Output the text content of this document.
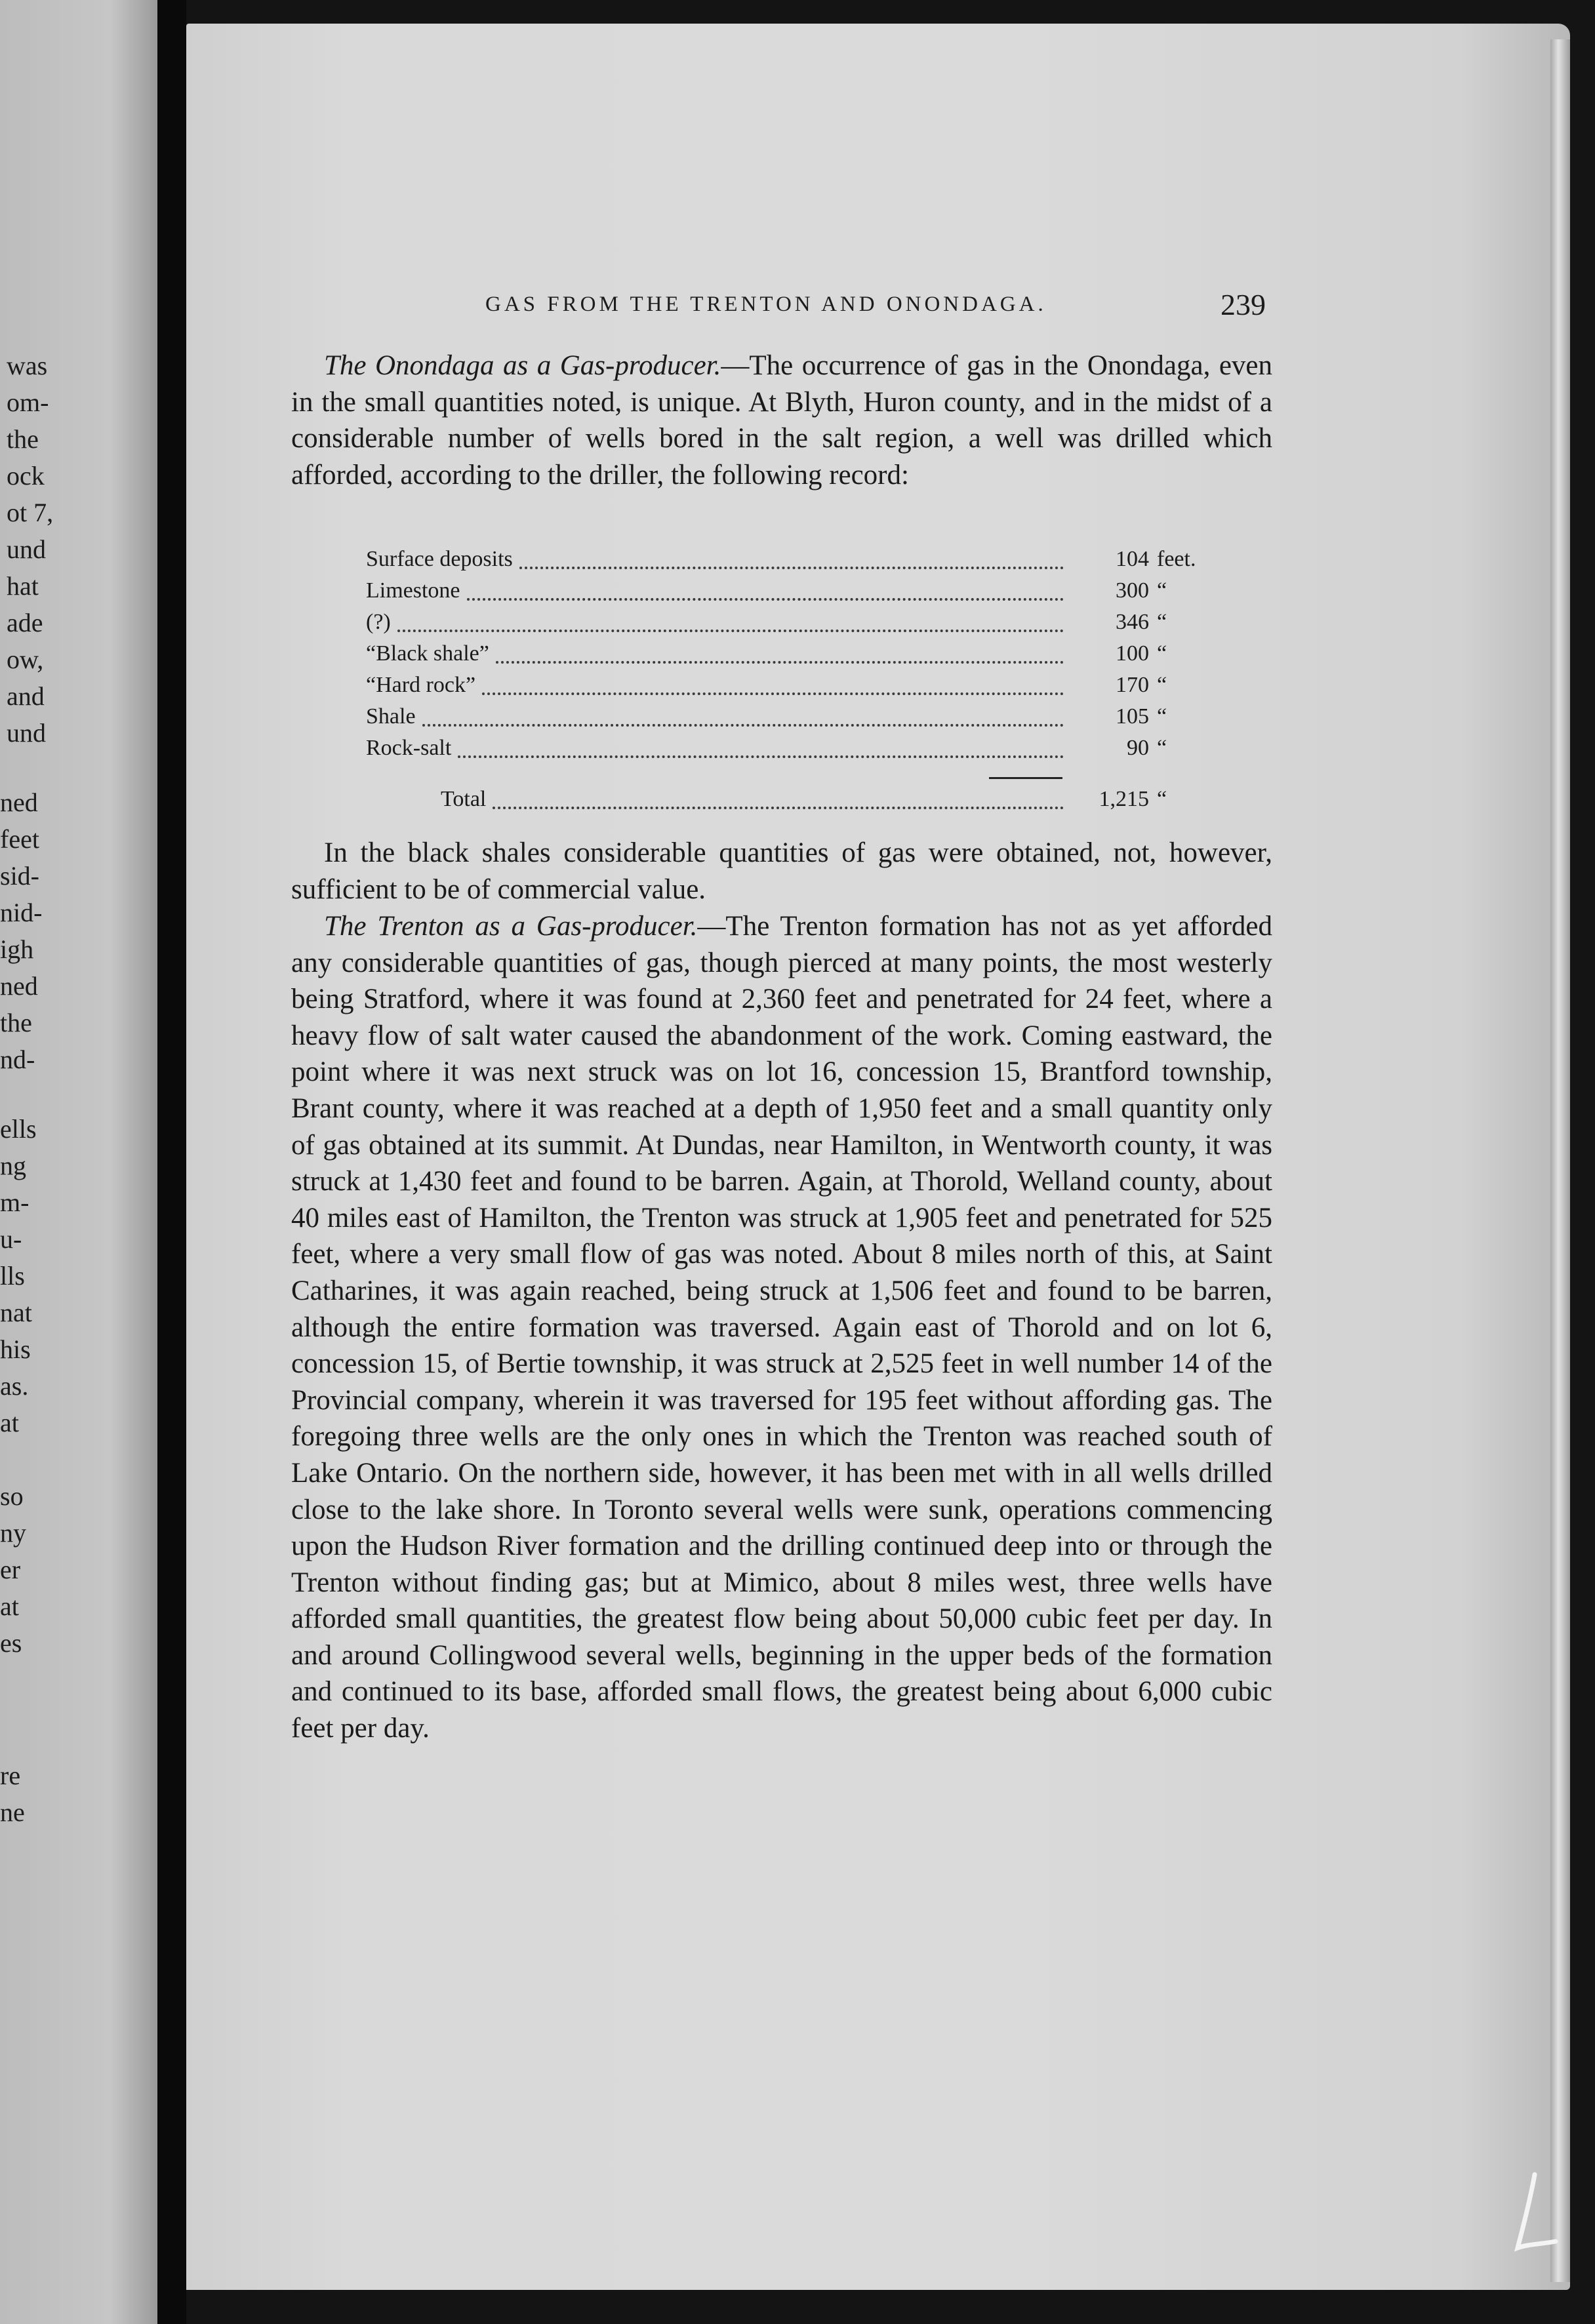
was
om-
the
ock
ot 7,
und
hat
ade
ow,
and
und
ned
feet
sid-
nid-
igh
ned
the
nd-
ells
ng
m-
u-
lls
nat
his
as.
at
so
ny
er
at
es
re
ne
GAS FROM THE TRENTON AND ONONDAGA.	239

The Onondaga as a Gas-producer.—The occurrence of gas in the Onondaga, even in the small quantities noted, is unique. At Blyth, Huron county, and in the midst of a considerable number of wells bored in the salt region, a well was drilled which afforded, according to the driller, the following record:

Surface deposits	104 feet.
Limestone	300 “
(?)	346 “
“Black shale”	100 “
“Hard rock”	170 “
Shale	105 “
Rock-salt	90 “
Total	1,215 “

In the black shales considerable quantities of gas were obtained, not, however, sufficient to be of commercial value.

The Trenton as a Gas-producer.—The Trenton formation has not as yet afforded any considerable quantities of gas, though pierced at many points, the most westerly being Stratford, where it was found at 2,360 feet and penetrated for 24 feet, where a heavy flow of salt water caused the abandonment of the work. Coming eastward, the point where it was next struck was on lot 16, concession 15, Brantford township, Brant county, where it was reached at a depth of 1,950 feet and a small quantity only of gas obtained at its summit. At Dundas, near Hamilton, in Wentworth county, it was struck at 1,430 feet and found to be barren. Again, at Thorold, Welland county, about 40 miles east of Hamilton, the Trenton was struck at 1,905 feet and penetrated for 525 feet, where a very small flow of gas was noted. About 8 miles north of this, at Saint Catharines, it was again reached, being struck at 1,506 feet and found to be barren, although the entire formation was traversed. Again east of Thorold and on lot 6, concession 15, of Bertie township, it was struck at 2,525 feet in well number 14 of the Provincial company, wherein it was traversed for 195 feet without affording gas. The foregoing three wells are the only ones in which the Trenton was reached south of Lake Ontario. On the northern side, however, it has been met with in all wells drilled close to the lake shore. In Toronto several wells were sunk, operations commencing upon the Hudson River formation and the drilling continued deep into or through the Trenton without finding gas; but at Mimico, about 8 miles west, three wells have afforded small quantities, the greatest flow being about 50,000 cubic feet per day. In and around Collingwood several wells, beginning in the upper beds of the formation and continued to its base, afforded small flows, the greatest being about 6,000 cubic feet per day.
